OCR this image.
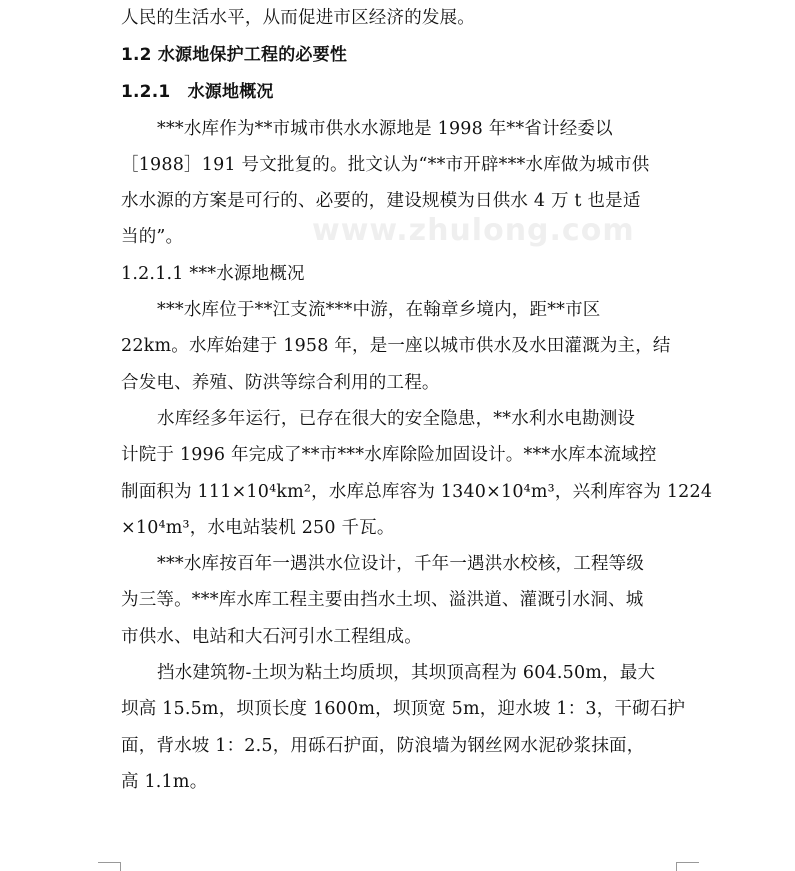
人民的生活水平，从而促进市区经济的发展。
1.2 水源地保护工程的必要性
1.2.1　水源地概况
***水库作为**市城市供水水源地是 1998 年**省计经委以
［1988］191 号文批复的。批文认为“**市开辟***水库做为城市供
水水源的方案是可行的、必要的，建设规模为日供水 4 万 t 也是适
当的”。
1.2.1.1 ***水源地概况
***水库位于**江支流***中游，在翰章乡境内，距**市区
22km。水库始建于 1958 年，是一座以城市供水及水田灌溉为主，结
合发电、养殖、防洪等综合利用的工程。
水库经多年运行，已存在很大的安全隐患，**水利水电勘测设
计院于 1996 年完成了**市***水库除险加固设计。***水库本流域控
制面积为 111×10⁴km²，水库总库容为 1340×10⁴m³，兴利库容为 1224
×10⁴m³，水电站装机 250 千瓦。
***水库按百年一遇洪水位设计，千年一遇洪水校核，工程等级
为三等。***库水库工程主要由挡水土坝、溢洪道、灌溉引水洞、城
市供水、电站和大石河引水工程组成。
挡水建筑物-土坝为粘土均质坝，其坝顶高程为 604.50m，最大
坝高 15.5m，坝顶长度 1600m，坝顶宽 5m，迎水坡 1：3，干砌石护
面，背水坡 1：2.5，用砾石护面，防浪墙为钢丝网水泥砂浆抹面，
高 1.1m。
www.zhulong.com
